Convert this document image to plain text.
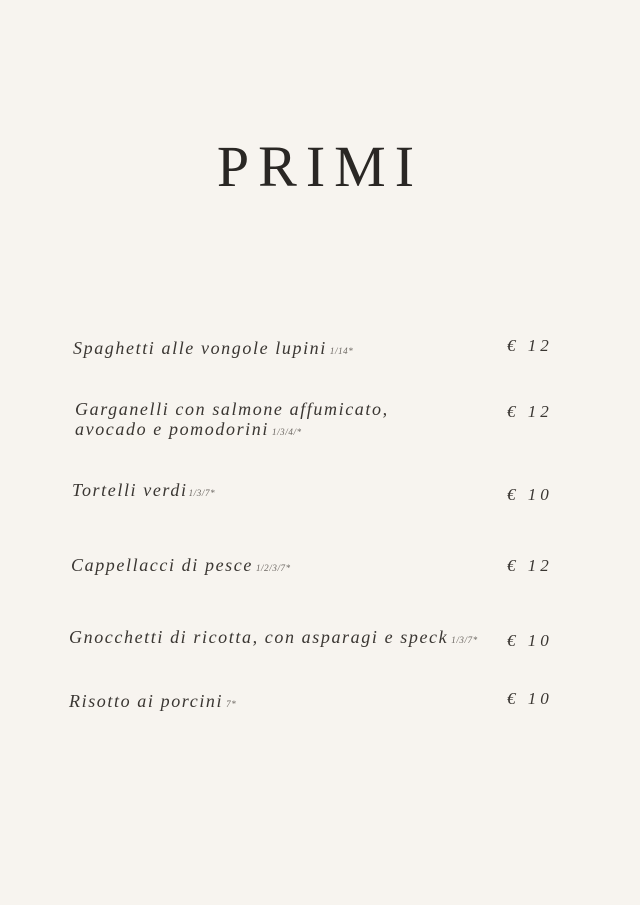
PRIMI
Spaghetti alle vongole lupini 1/14*	€ 12
Garganelli con salmone affumicato,
avocado e pomodorini 1/3/4/*
€ 12
Tortelli verdi1/3/7*	€ 10
Cappellacci di pesce 1/2/3/7*	€ 12
Gnocchetti di ricotta, con asparagi e speck 1/3/7* € 10
Risotto ai porcini 7*	€ 10
